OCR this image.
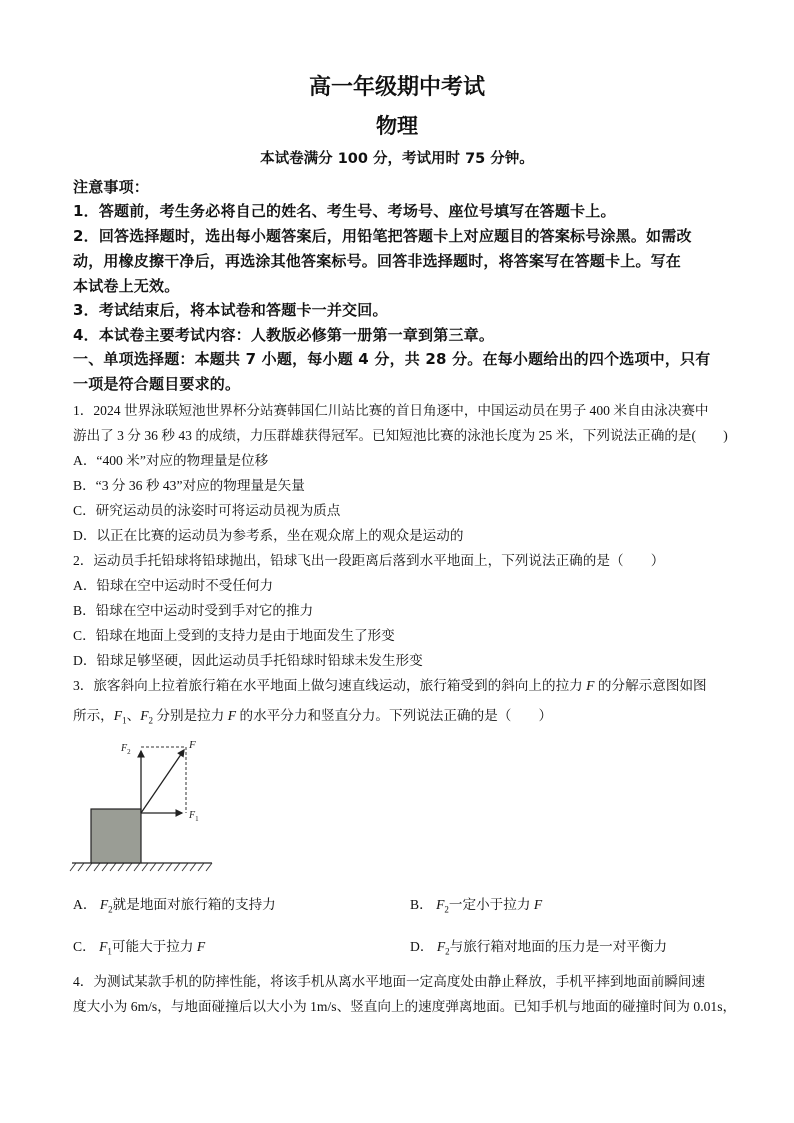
高一年级期中考试
物理
本试卷满分 100 分，考试用时 75 分钟。
注意事项：
1．答题前，考生务必将自己的姓名、考生号、考场号、座位号填写在答题卡上。
2．回答选择题时，选出每小题答案后，用铅笔把答题卡上对应题目的答案标号涂黑。如需改
动，用橡皮擦干净后，再选涂其他答案标号。回答非选择题时，将答案写在答题卡上。写在
本试卷上无效。
3．考试结束后，将本试卷和答题卡一并交回。
4．本试卷主要考试内容：人教版必修第一册第一章到第三章。
一、单项选择题：本题共 7 小题，每小题 4 分，共 28 分。在每小题给出的四个选项中，只有
一项是符合题目要求的。
1．2024 世界泳联短池世界杯分站赛韩国仁川站比赛的首日角逐中，中国运动员在男子 400 米自由泳决赛中
游出了 3 分 36 秒 43 的成绩，力压群雄获得冠军。已知短池比赛的泳池长度为 25 米，下列说法正确的是(　　)
A．“400 米”对应的物理量是位移
B．“3 分 36 秒 43”对应的物理量是矢量
C．研究运动员的泳姿时可将运动员视为质点
D．以正在比赛的运动员为参考系，坐在观众席上的观众是运动的
2．运动员手托铅球将铅球抛出，铅球飞出一段距离后落到水平地面上，下列说法正确的是（　　）
A．铅球在空中运动时不受任何力
B．铅球在空中运动时受到手对它的推力
C．铅球在地面上受到的支持力是由于地面发生了形变
D．铅球足够坚硬，因此运动员手托铅球时铅球未发生形变
3．旅客斜向上拉着旅行箱在水平地面上做匀速直线运动，旅行箱受到的斜向上的拉力 F 的分解示意图如图
所示，$F_1$、$F_2$ 分别是拉力 F 的水平分力和竖直分力。下列说法正确的是（　　）
F
$F_1$
$F_2$
A． $F_2$就是地面对旅行箱的支持力	B． $F_2$一定小于拉力 F
C． $F_1$可能大于拉力 F	D． $F_2$与旅行箱对地面的压力是一对平衡力
4．为测试某款手机的防摔性能，将该手机从离水平地面一定高度处由静止释放，手机平摔到地面前瞬间速
度大小为 6m/s，与地面碰撞后以大小为 1m/s、竖直向上的速度弹离地面。已知手机与地面的碰撞时间为 0.01s，
